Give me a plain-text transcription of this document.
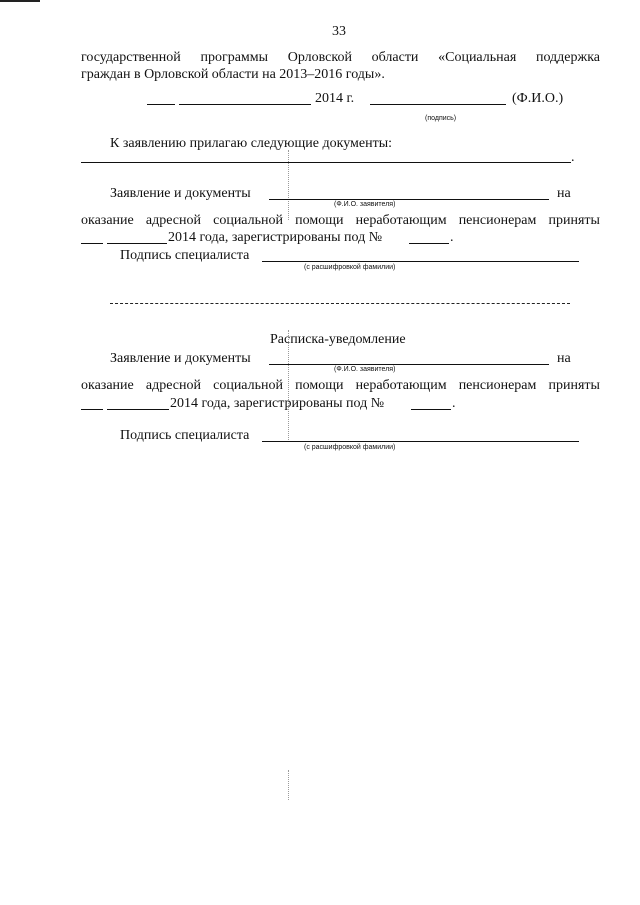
33
государственной программы Орловской области «Социальная поддержка
граждан в Орловской области на 2013–2016 годы».
2014 г.	(Ф.И.О.)
(подпись)
К заявлению прилагаю следующие документы:
.
Заявление и документы	на
(Ф.И.О. заявителя)
оказание адресной социальной помощи неработающим пенсионерам приняты
2014 года, зарегистрированы под №	.
Подпись специалиста
(с расшифровкой фамилии)
Расписка-уведомление
Заявление и документы	на
(Ф.И.О. заявителя)
оказание адресной социальной помощи неработающим пенсионерам приняты
2014 года, зарегистрированы под №	.
Подпись специалиста
(с расшифровкой фамилии)
